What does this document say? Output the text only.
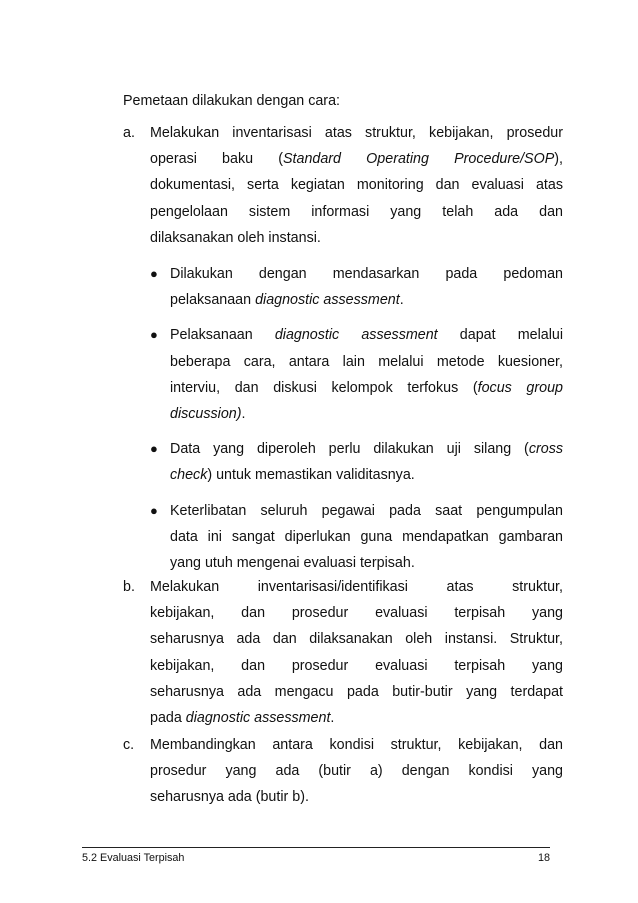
Pemetaan dilakukan dengan cara:

a. Melakukan inventarisasi atas struktur, kebijakan, prosedur
operasi baku (Standard Operating Procedure/SOP),
dokumentasi, serta kegiatan monitoring dan evaluasi atas
pengelolaan sistem informasi yang telah ada dan
dilaksanakan oleh instansi.
● Dilakukan dengan mendasarkan pada pedoman
pelaksanaan diagnostic assessment.
● Pelaksanaan diagnostic assessment dapat melalui
beberapa cara, antara lain melalui metode kuesioner,
interviu, dan diskusi kelompok terfokus (focus group
discussion).
● Data yang diperoleh perlu dilakukan uji silang (cross
check) untuk memastikan validitasnya.
● Keterlibatan seluruh pegawai pada saat pengumpulan
data ini sangat diperlukan guna mendapatkan gambaran
yang utuh mengenai evaluasi terpisah.
b. Melakukan inventarisasi/identifikasi atas struktur,
kebijakan, dan prosedur evaluasi terpisah yang
seharusnya ada dan dilaksanakan oleh instansi. Struktur,
kebijakan, dan prosedur evaluasi terpisah yang
seharusnya ada mengacu pada butir-butir yang terdapat
pada diagnostic assessment.
c. Membandingkan antara kondisi struktur, kebijakan, dan
prosedur yang ada (butir a) dengan kondisi yang
seharusnya ada (butir b).
5.2 Evaluasi Terpisah	18
